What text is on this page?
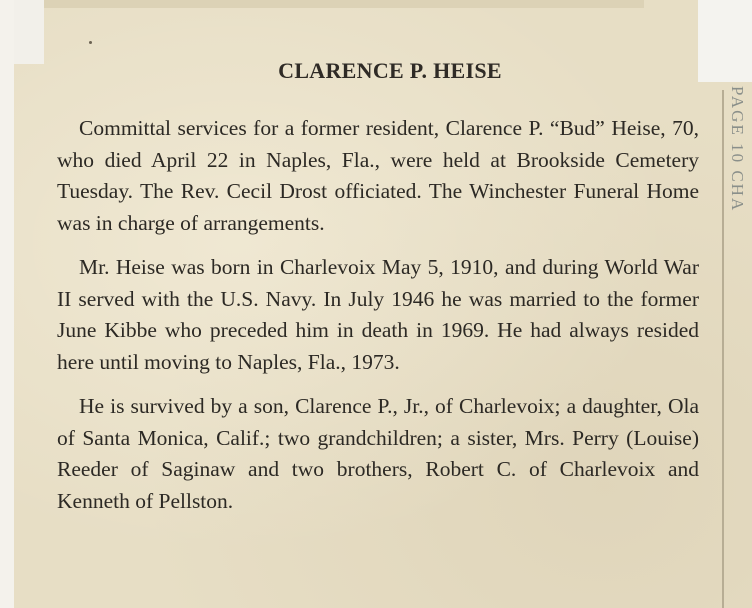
PAGE 10 CHA
CLARENCE P. HEISE

Committal services for a former resident, Clarence P. “Bud” Heise, 70, who died April 22 in Naples, Fla., were held at Brookside Cemetery Tuesday. The Rev. Cecil Drost officiated. The Winchester Funeral Home was in charge of arrangements.

Mr. Heise was born in Charlevoix May 5, 1910, and during World War II served with the U.S. Navy. In July 1946 he was married to the former June Kibbe who preceded him in death in 1969. He had always resided here until moving to Naples, Fla., 1973.

He is survived by a son, Clarence P., Jr., of Charlevoix; a daughter, Ola of Santa Monica, Calif.; two grandchildren; a sister, Mrs. Perry (Louise) Reeder of Saginaw and two brothers, Robert C. of Charlevoix and Kenneth of Pellston.
